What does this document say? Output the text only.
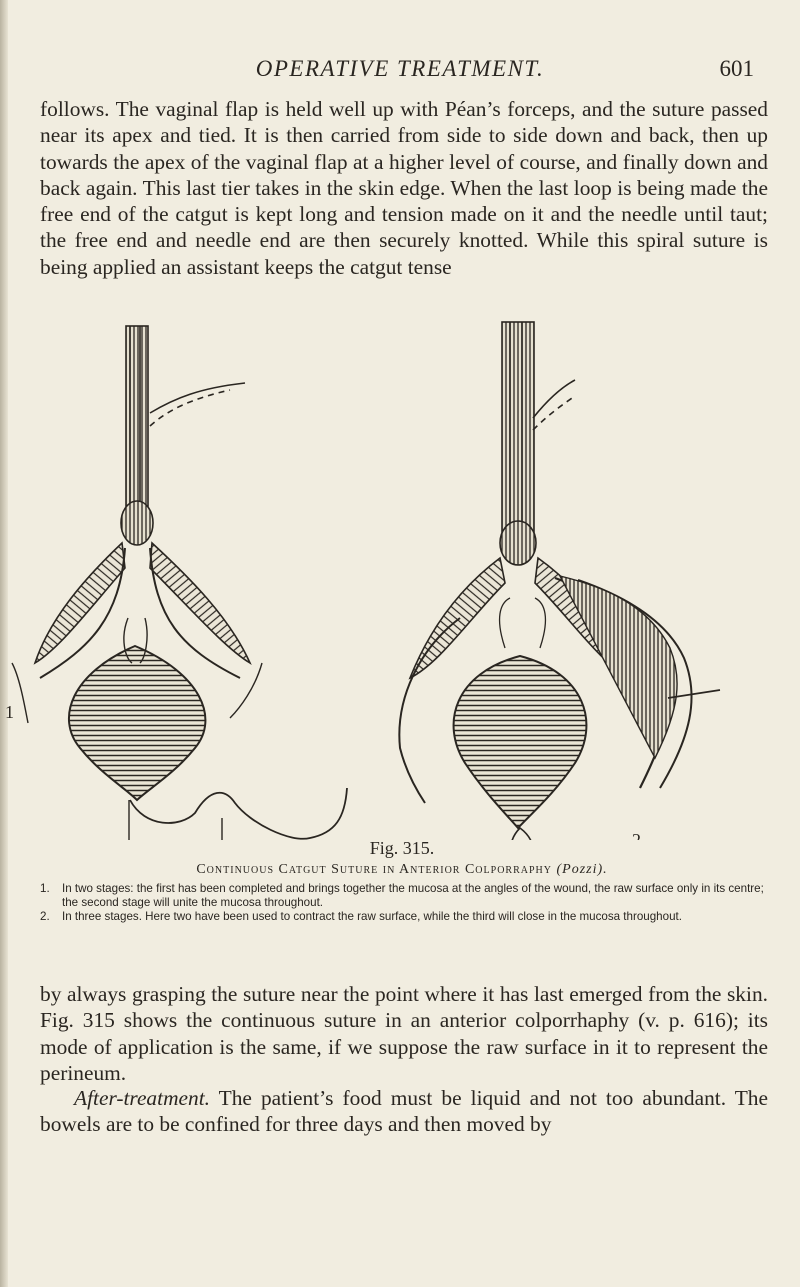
OPERATIVE TREATMENT.	601

follows. The vaginal flap is held well up with Péan’s forceps, and the suture passed near its apex and tied. It is then carried from side to side down and back, then up towards the apex of the vaginal flap at a higher level of course, and finally down and back again. This last tier takes in the skin edge. When the last loop is being made the free end of the catgut is kept long and tension made on it and the needle until taut; the free end and needle end are then securely knotted. While this spiral suture is being applied an assistant keeps the catgut tense

1
2

Fig. 315.

Continuous Catgut Suture in Anterior Colporraphy (Pozzi).

1.	In two stages: the first has been completed and brings together the mucosa at the angles of the wound, the raw surface only in its centre; the second stage will unite the mucosa throughout.
2.	In three stages. Here two have been used to contract the raw surface, while the third will close in the mucosa throughout.

by always grasping the suture near the point where it has last emerged from the skin. Fig. 315 shows the continuous suture in an anterior colporrhaphy (v. p. 616); its mode of application is the same, if we suppose the raw surface in it to represent the perineum.

After-treatment. The patient’s food must be liquid and not too abundant. The bowels are to be confined for three days and then moved by
